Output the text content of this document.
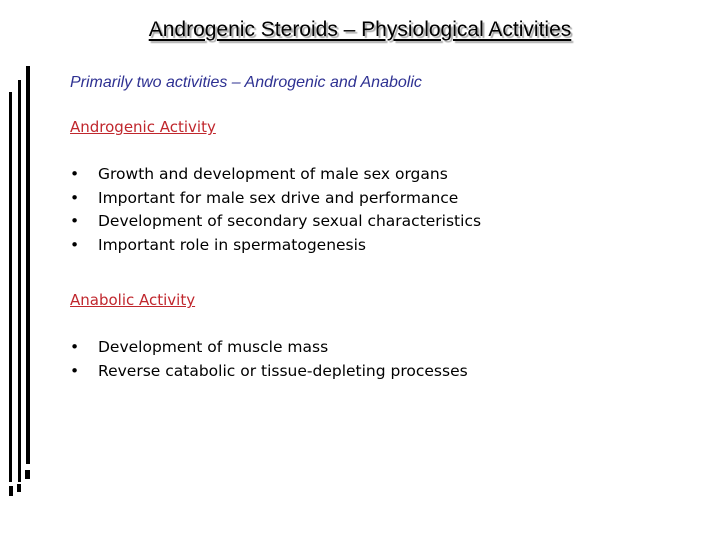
Androgenic Steroids – Physiological Activities
Primarily two activities – Androgenic and Anabolic
Androgenic Activity
• Growth and development of male sex organs
• Important for male sex drive and performance
• Development of secondary sexual characteristics
• Important role in spermatogenesis
Anabolic Activity
• Development of muscle mass
• Reverse catabolic or tissue-depleting processes
